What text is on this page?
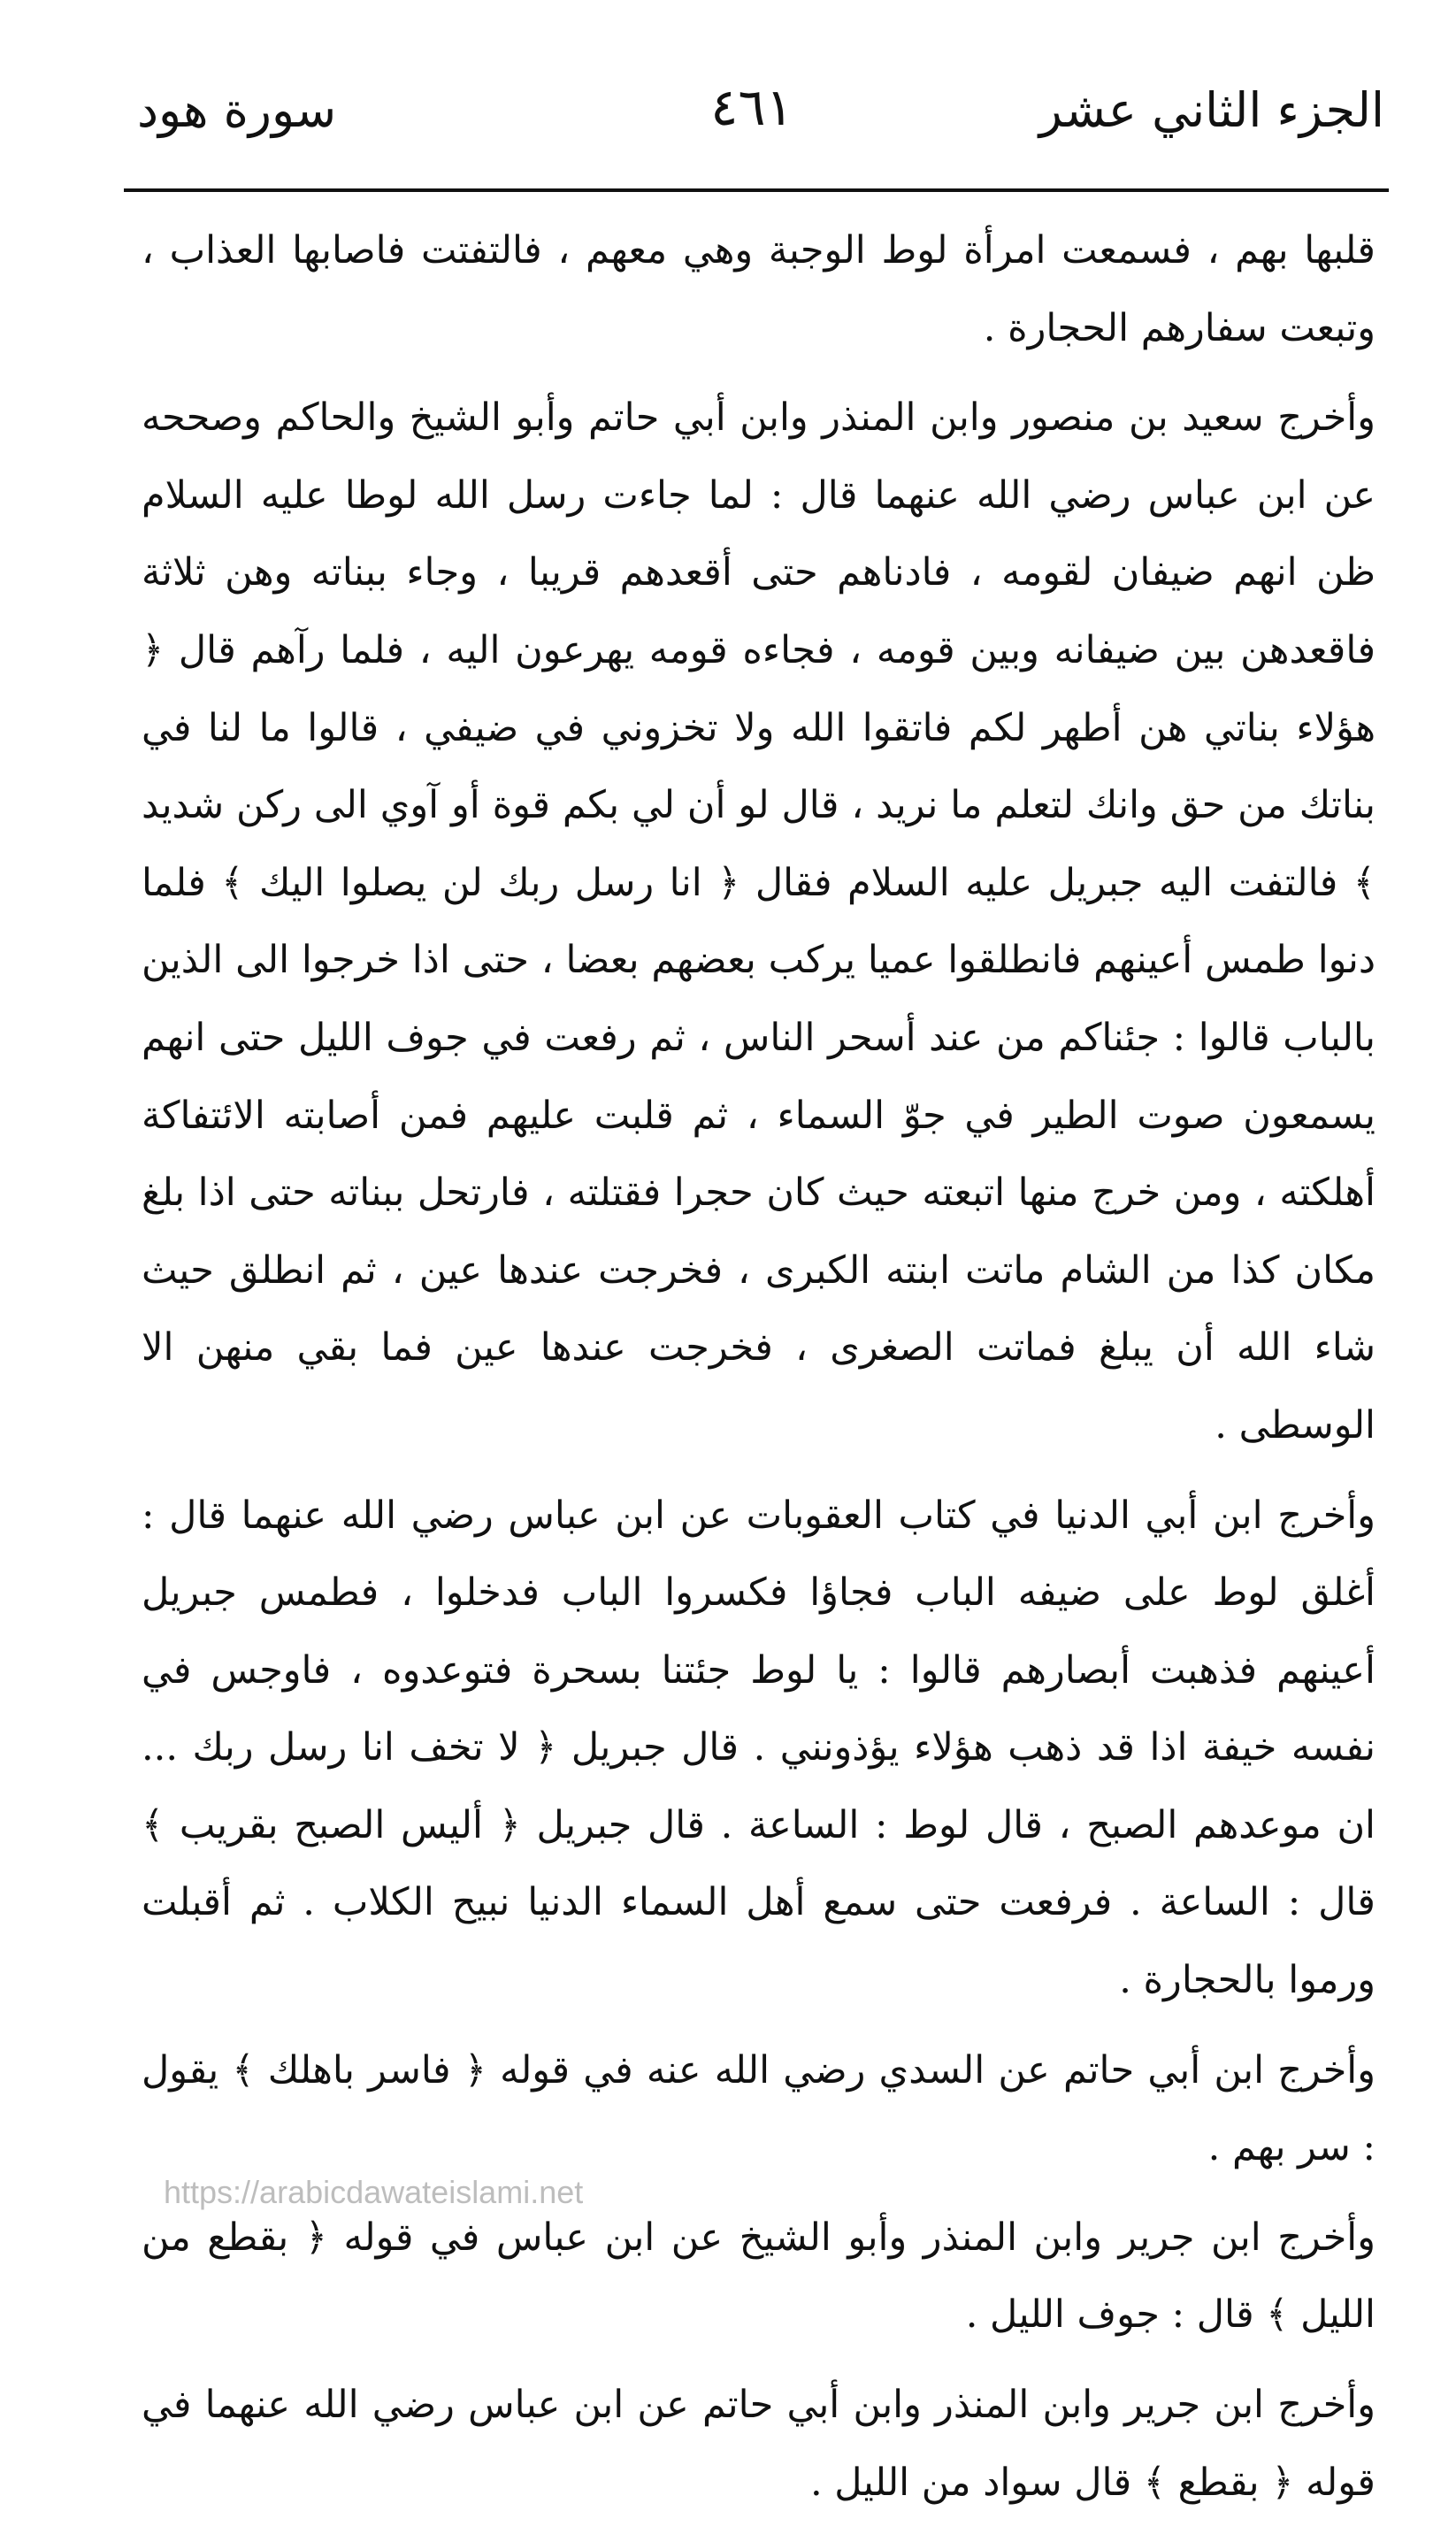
الجزء الثاني عشر
٤٦١
سورة هود

قلبها بهم ، فسمعت امرأة لوط الوجبة وهي معهم ، فالتفتت فاصابها العذاب ، وتبعت سفارهم الحجارة .

وأخرج سعيد بن منصور وابن المنذر وابن أبي حاتم وأبو الشيخ والحاكم وصححه عن ابن عباس رضي الله عنهما قال : لما جاءت رسل الله لوطا عليه السلام ظن انهم ضيفان لقومه ، فادناهم حتى أقعدهم قريبا ، وجاء ببناته وهن ثلاثة فاقعدهن بين ضيفانه وبين قومه ، فجاءه قومه يهرعون اليه ، فلما رآهم قال ﴿ هؤلاء بناتي هن أطهر لكم فاتقوا الله ولا تخزوني في ضيفي ، قالوا ما لنا في بناتك من حق وانك لتعلم ما نريد ، قال لو أن لي بكم قوة أو آوي الى ركن شديد ﴾ فالتفت اليه جبريل عليه السلام فقال ﴿ انا رسل ربك لن يصلوا اليك ﴾ فلما دنوا طمس أعينهم فانطلقوا عميا يركب بعضهم بعضا ، حتى اذا خرجوا الى الذين بالباب قالوا : جئناكم من عند أسحر الناس ، ثم رفعت في جوف الليل حتى انهم يسمعون صوت الطير في جوّ السماء ، ثم قلبت عليهم فمن أصابته الائتفاكة أهلكته ، ومن خرج منها اتبعته حيث كان حجرا فقتلته ، فارتحل ببناته حتى اذا بلغ مكان كذا من الشام ماتت ابنته الكبرى ، فخرجت عندها عين ، ثم انطلق حيث شاء الله أن يبلغ فماتت الصغرى ، فخرجت عندها عين فما بقي منهن الا الوسطى .

وأخرج ابن أبي الدنيا في كتاب العقوبات عن ابن عباس رضي الله عنهما قال : أغلق لوط على ضيفه الباب فجاؤا فكسروا الباب فدخلوا ، فطمس جبريل أعينهم فذهبت أبصارهم قالوا : يا لوط جئتنا بسحرة فتوعدوه ، فاوجس في نفسه خيفة اذا قد ذهب هؤلاء يؤذونني . قال جبريل ﴿ لا تخف انا رسل ربك ... ان موعدهم الصبح ، قال لوط : الساعة . قال جبريل ﴿ أليس الصبح بقريب ﴾ قال : الساعة . فرفعت حتى سمع أهل السماء الدنيا نبيح الكلاب . ثم أقبلت ورموا بالحجارة .

وأخرج ابن أبي حاتم عن السدي رضي الله عنه في قوله ﴿ فاسر باهلك ﴾ يقول : سر بهم .

وأخرج ابن جرير وابن المنذر وأبو الشيخ عن ابن عباس في قوله ﴿ بقطع من الليل ﴾ قال : جوف الليل .

وأخرج ابن جرير وابن المنذر وابن أبي حاتم عن ابن عباس رضي الله عنهما في قوله ﴿ بقطع ﴾ قال سواد من الليل .

https://arabicdawateislami.net
